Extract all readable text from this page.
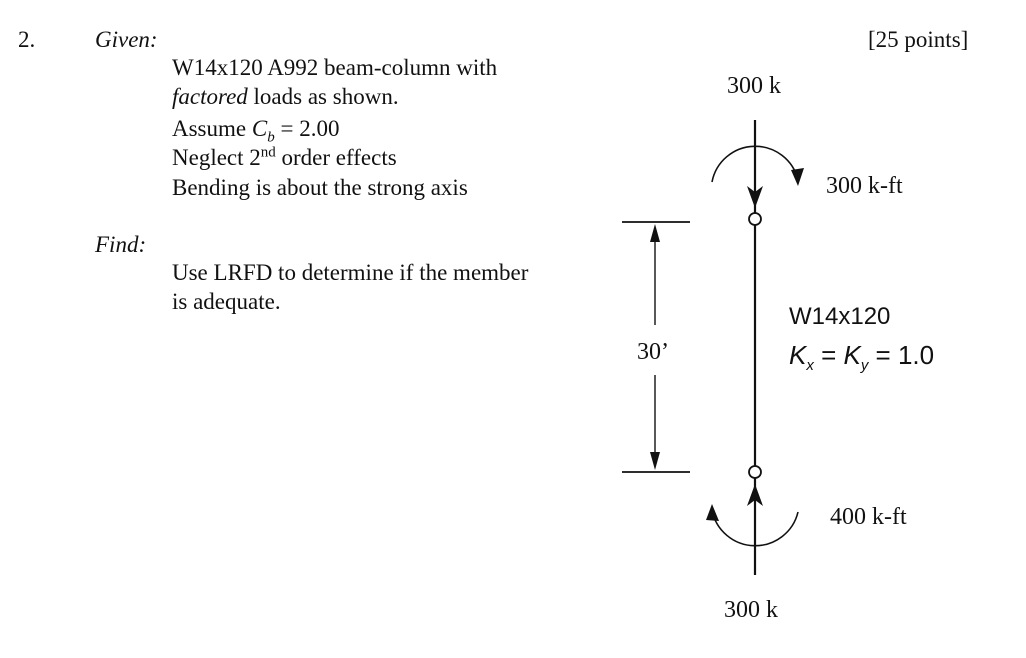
2.	Given:	[25 points]
W14x120 A992 beam-column with
factored loads as shown.
Assume $C_b = 2.00$
Neglect 2nd order effects
Bending is about the strong axis
Find:
Use LRFD to determine if the member
is adequate.
300 k
300 k-ft
W14x120
$K_x = K_y = 1.0$
30’
400 k-ft
300 k
